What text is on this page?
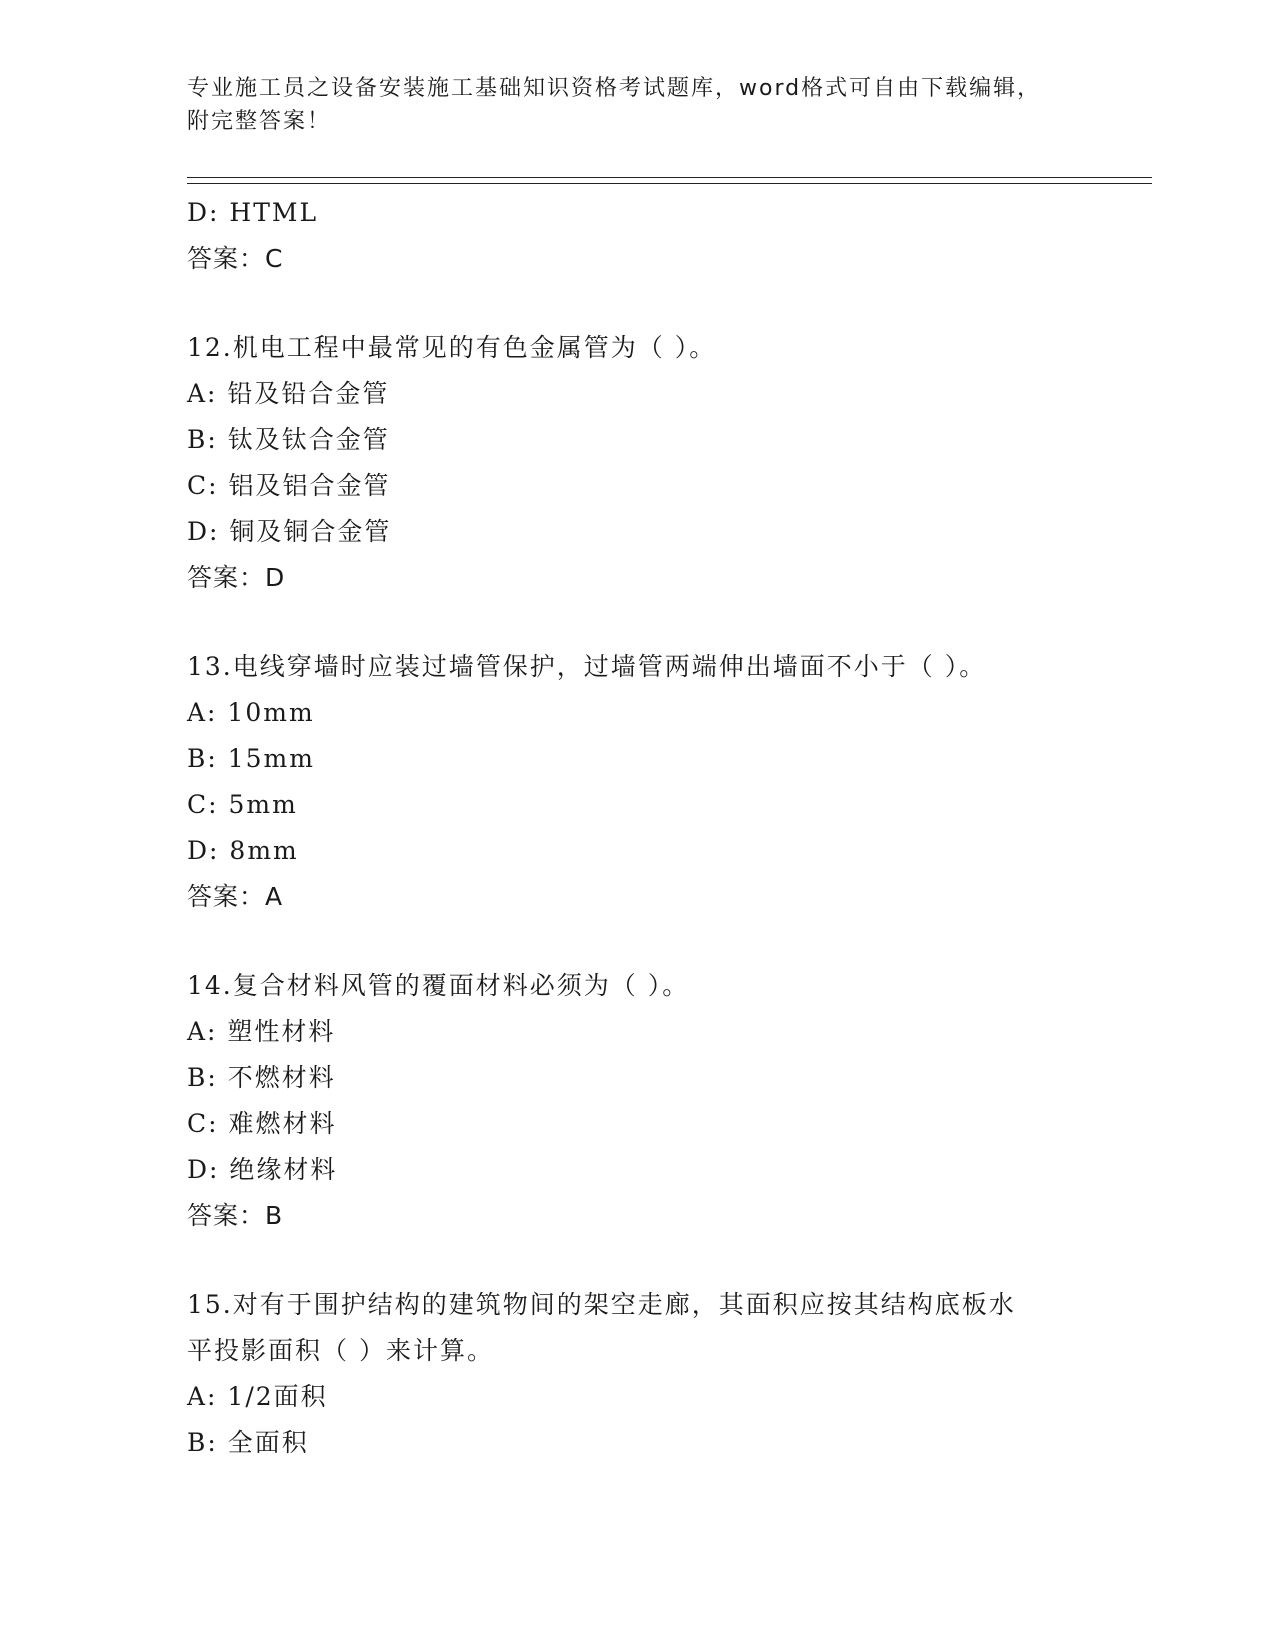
专业施工员之设备安装施工基础知识资格考试题库，word格式可自由下载编辑，
附完整答案！
D: HTML
答案：C
12.机电工程中最常见的有色金属管为（ ）。
A: 铅及铅合金管
B: 钛及钛合金管
C: 铝及铝合金管
D: 铜及铜合金管
答案：D
13.电线穿墙时应装过墙管保护，过墙管两端伸出墙面不小于（ ）。
A: 10mm
B: 15mm
C: 5mm
D: 8mm
答案：A
14.复合材料风管的覆面材料必须为（ ）。
A: 塑性材料
B: 不燃材料
C: 难燃材料
D: 绝缘材料
答案：B
15.对有于围护结构的建筑物间的架空走廊，其面积应按其结构底板水
平投影面积（ ）来计算。
A: 1/2面积
B: 全面积
